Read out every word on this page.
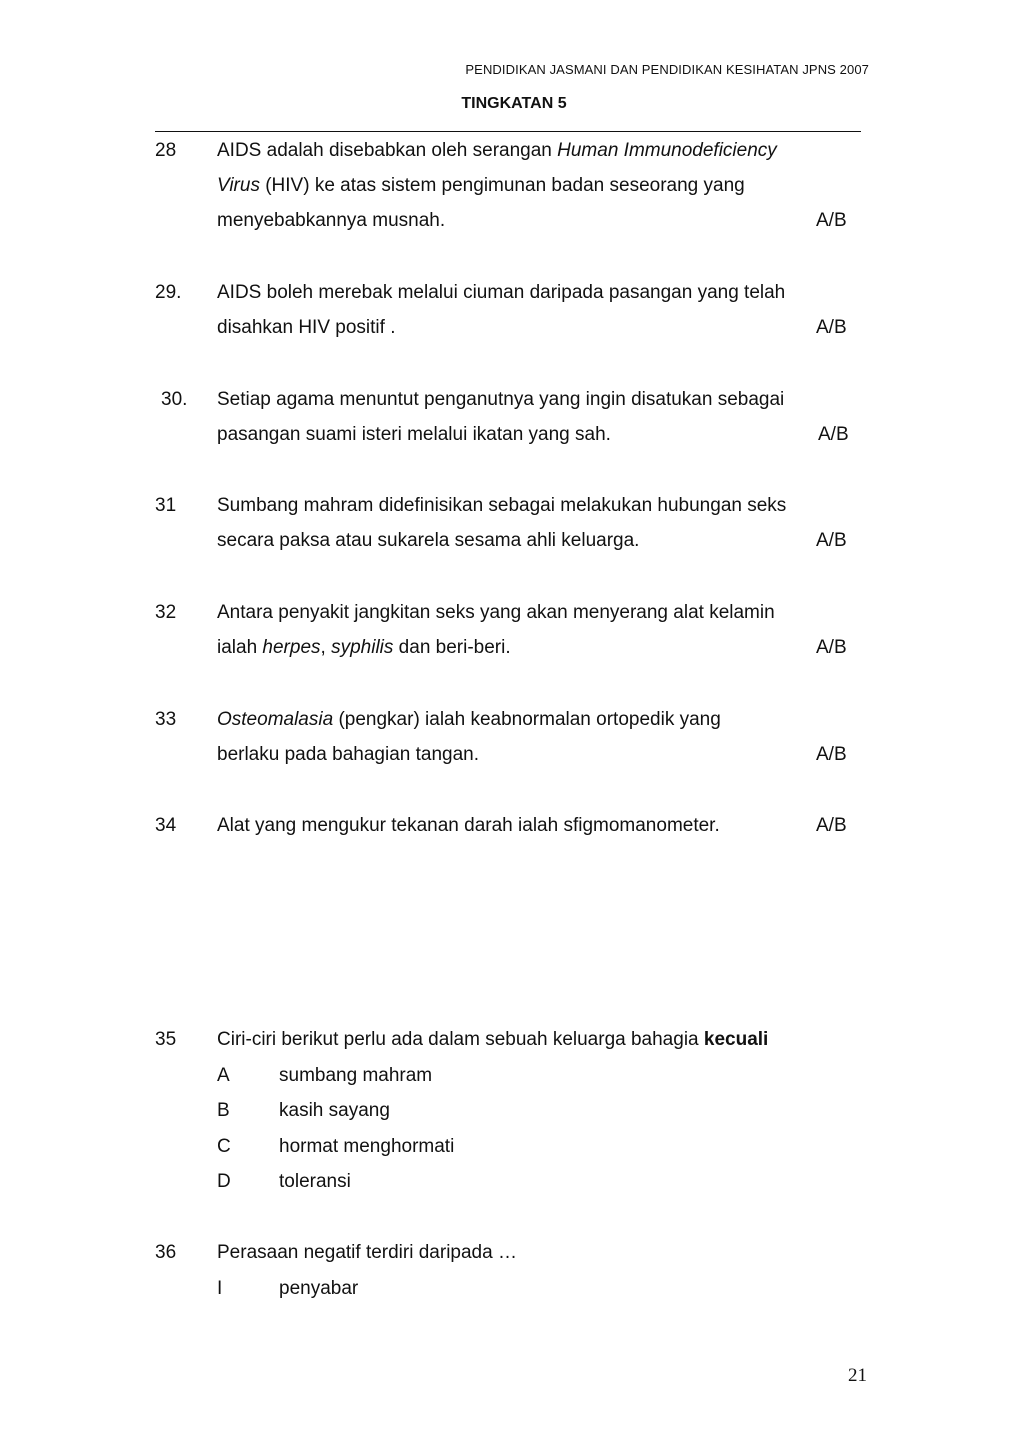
PENDIDIKAN JASMANI DAN PENDIDIKAN KESIHATAN JPNS 2007
TINGKATAN 5
28 AIDS adalah disebabkan oleh serangan Human Immunodeficiency
Virus (HIV) ke atas sistem pengimunan badan seseorang yang
menyebabkannya musnah.	A/B
29. AIDS boleh merebak melalui ciuman daripada pasangan yang telah
disahkan HIV positif .	A/B
30. Setiap agama menuntut penganutnya yang ingin disatukan sebagai
pasangan suami isteri melalui ikatan yang sah.	A/B
31 Sumbang mahram didefinisikan sebagai melakukan hubungan seks
secara paksa atau sukarela sesama ahli keluarga.	A/B
32 Antara penyakit jangkitan seks yang akan menyerang alat kelamin
ialah herpes, syphilis dan beri-beri.	A/B
33 Osteomalasia (pengkar) ialah keabnormalan ortopedik yang
berlaku pada bahagian tangan.	A/B
34 Alat yang mengukur tekanan darah ialah sfigmomanometer.	A/B
35 Ciri-ciri berikut perlu ada dalam sebuah keluarga bahagia kecuali
A	sumbang mahram
B	kasih sayang
C	hormat menghormati
D	toleransi
36 Perasaan negatif terdiri daripada …
I	penyabar
21
